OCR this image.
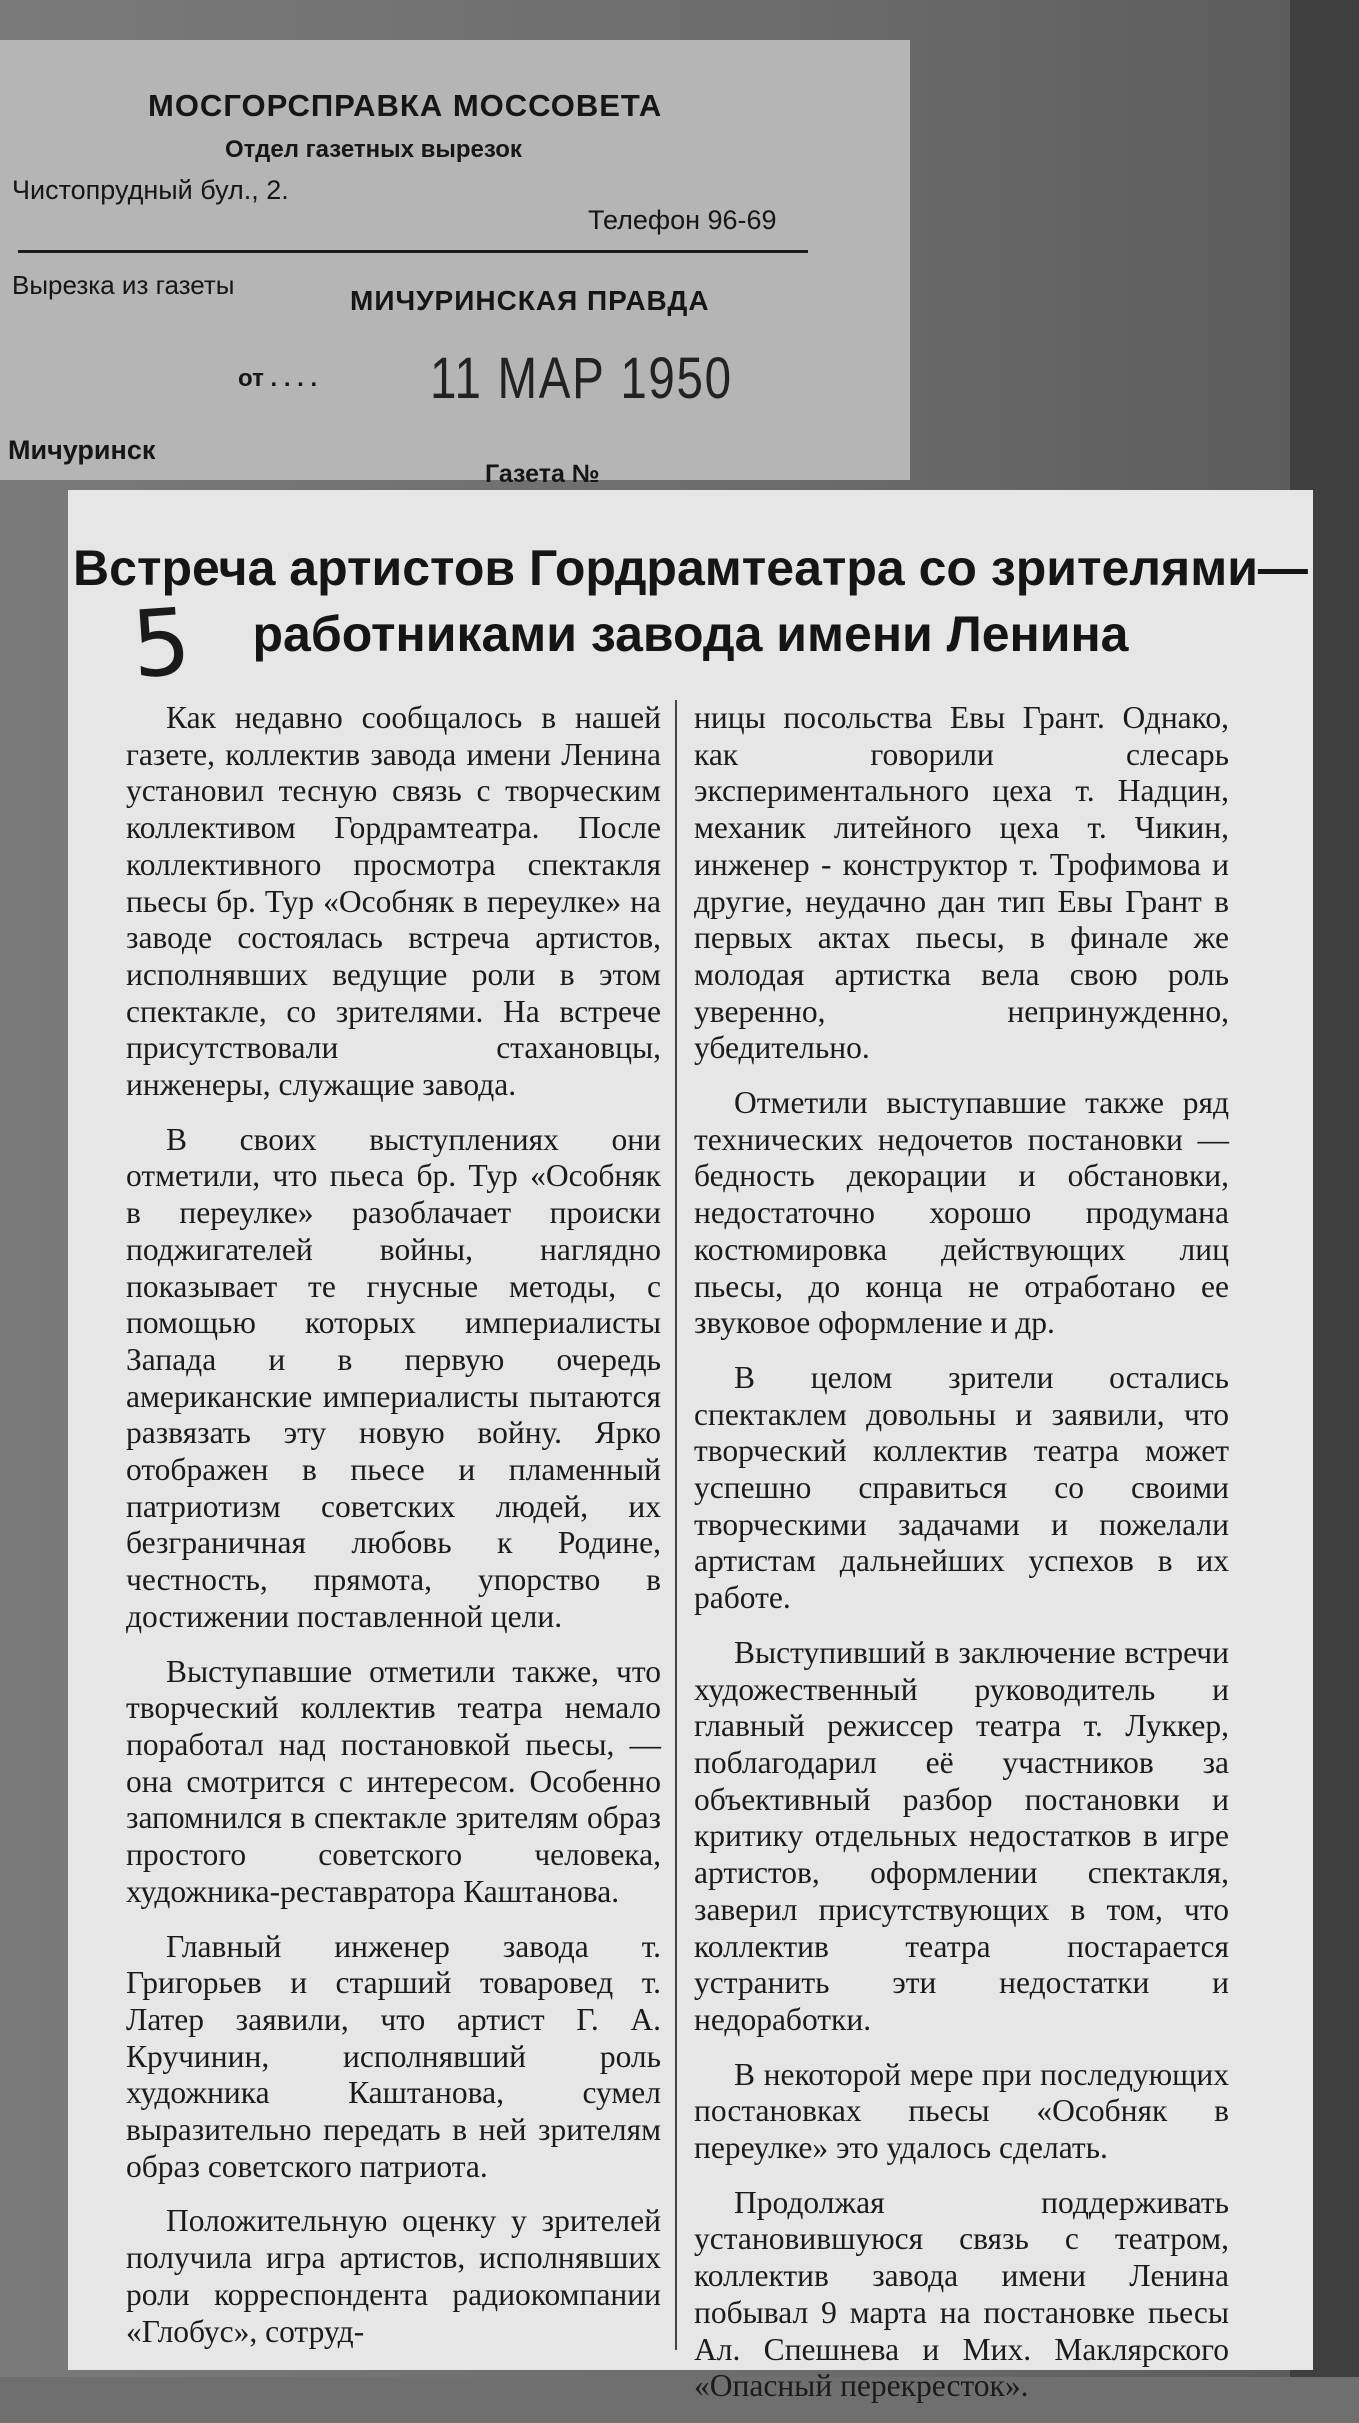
МОСГОРСПРАВКА МОССОВЕТА
Отдел газетных вырезок
Чистопрудный бул., 2.
Телефон 96-69
Вырезка из газеты	МИЧУРИНСКАЯ ПРАВДА
от . . . . 11 МАР 1950
Мичуринск
Газета №
Встреча артистов Гордрамтеатра со зрителями—
работниками завода имени Ленина
5

Как недавно сообщалось в нашей газете, коллектив завода имени Ленина установил тесную связь с творческим коллективом Гордрамтеатра. После коллективного просмотра спектакля пьесы бр. Тур «Особняк в переулке» на заводе состоялась встреча артистов, исполнявших ведущие роли в этом спектакле, со зрителями. На встрече присутствовали стахановцы, инженеры, служащие завода.

В своих выступлениях они отметили, что пьеса бр. Тур «Особняк в переулке» разоблачает происки поджигателей войны, наглядно показывает те гнусные методы, с помощью которых империалисты Запада и в первую очередь американские империалисты пытаются развязать эту новую войну. Ярко отображен в пьесе и пламенный патриотизм советских людей, их безграничная любовь к Родине, честность, прямота, упорство в достижении поставленной цели.

Выступавшие отметили также, что творческий коллектив театра немало поработал над постановкой пьесы, — она смотрится с интересом. Особенно запомнился в спектакле зрителям образ простого советского человека, художника-реставратора Каштанова.

Главный инженер завода т. Григорьев и старший товаровед т. Латер заявили, что артист Г. А. Кручинин, исполнявший роль художника Каштанова, сумел выразительно передать в ней зрителям образ советского патриота.

Положительную оценку у зрителей получила игра артистов, исполнявших роли корреспондента радиокомпании «Глобус», сотруд-

ницы посольства Евы Грант. Однако, как говорили слесарь экспериментального цеха т. Надцин, механик литейного цеха т. Чикин, инженер - конструктор т. Трофимова и другие, неудачно дан тип Евы Грант в первых актах пьесы, в финале же молодая артистка вела свою роль уверенно, непринужденно, убедительно.

Отметили выступавшие также ряд технических недочетов постановки — бедность декорации и обстановки, недостаточно хорошо продумана костюмировка действующих лиц пьесы, до конца не отработано ее звуковое оформление и др.

В целом зрители остались спектаклем довольны и заявили, что творческий коллектив театра может успешно справиться со своими творческими задачами и пожелали артистам дальнейших успехов в их работе.

Выступивший в заключение встречи художественный руководитель и главный режиссер театра т. Луккер, поблагодарил её участников за объективный разбор постановки и критику отдельных недостатков в игре артистов, оформлении спектакля, заверил присутствующих в том, что коллектив театра постарается устранить эти недостатки и недоработки.

В некоторой мере при последующих постановках пьесы «Особняк в переулке» это удалось сделать.

Продолжая поддерживать установившуюся связь с театром, коллектив завода имени Ленина побывал 9 марта на постановке пьесы Ал. Спешнева и Мих. Маклярского «Опасный перекресток».
